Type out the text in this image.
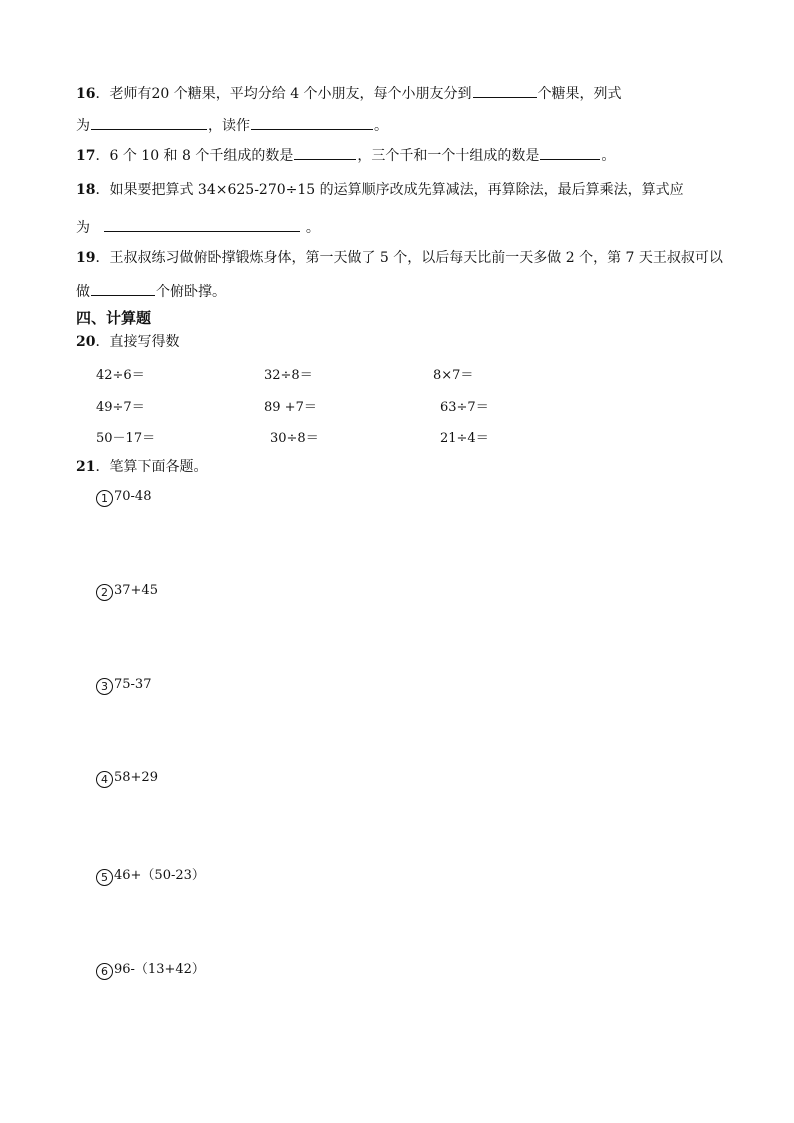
16．老师有20 个糖果，平均分给 4 个小朋友，每个小朋友分到	个糖果，列式
为	，读作	。
17．6 个 10 和 8 个千组成的数是	，三个千和一个十组成的数是	。
18．如果要把算式 34×625-270÷15 的运算顺序改成先算减法，再算除法，最后算乘法，算式应
为	。
19．王叔叔练习做俯卧撑锻炼身体，第一天做了 5 个，以后每天比前一天多做 2 个，第 7 天王叔叔可以
做	个俯卧撑。
四、计算题
20．直接写得数
42÷6＝	32÷8＝	8×7＝
49÷7＝	89 +7＝	63÷7＝
50－17＝	30÷8＝	21÷4＝
21．笔算下面各题。
1 70-48
2 37+45
3 75-37
4 58+29
5 46+（50-23）
6 96-（13+42）
